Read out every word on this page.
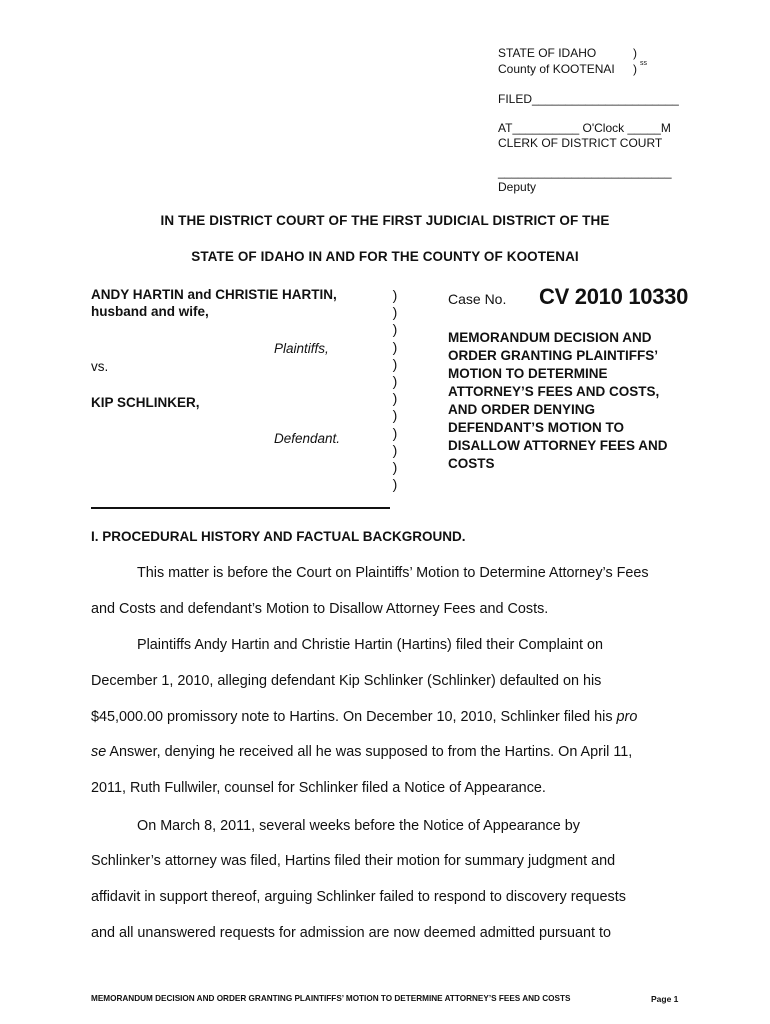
STATE OF IDAHO	)
County of KOOTENAI ) ss
FILED______________________
AT__________ O'Clock _____M
CLERK OF DISTRICT COURT
__________________________
Deputy
IN THE DISTRICT COURT OF THE FIRST JUDICIAL DISTRICT OF THE
STATE OF IDAHO IN AND FOR THE COUNTY OF KOOTENAI
ANDY HARTIN and CHRISTIE HARTIN,
husband and wife,
Plaintiffs,
vs.
KIP SCHLINKER,
Defendant.
)
)
)
)
)
)
)
)
)
)
)
)
Case No. CV 2010 10330
MEMORANDUM DECISION AND
ORDER GRANTING PLAINTIFFS’
MOTION TO DETERMINE
ATTORNEY’S FEES AND COSTS,
AND ORDER DENYING
DEFENDANT’S MOTION TO
DISALLOW ATTORNEY FEES AND
COSTS
I. PROCEDURAL HISTORY AND FACTUAL BACKGROUND.
This matter is before the Court on Plaintiffs’ Motion to Determine Attorney’s Fees
and Costs and defendant’s Motion to Disallow Attorney Fees and Costs.
Plaintiffs Andy Hartin and Christie Hartin (Hartins) filed their Complaint on
December 1, 2010, alleging defendant Kip Schlinker (Schlinker) defaulted on his
$45,000.00 promissory note to Hartins. On December 10, 2010, Schlinker filed his pro
se Answer, denying he received all he was supposed to from the Hartins. On April 11,
2011, Ruth Fullwiler, counsel for Schlinker filed a Notice of Appearance.
On March 8, 2011, several weeks before the Notice of Appearance by
Schlinker’s attorney was filed, Hartins filed their motion for summary judgment and
affidavit in support thereof, arguing Schlinker failed to respond to discovery requests
and all unanswered requests for admission are now deemed admitted pursuant to
MEMORANDUM DECISION AND ORDER GRANTING PLAINTIFFS’ MOTION TO DETERMINE ATTORNEY’S FEES AND COSTS	Page 1
